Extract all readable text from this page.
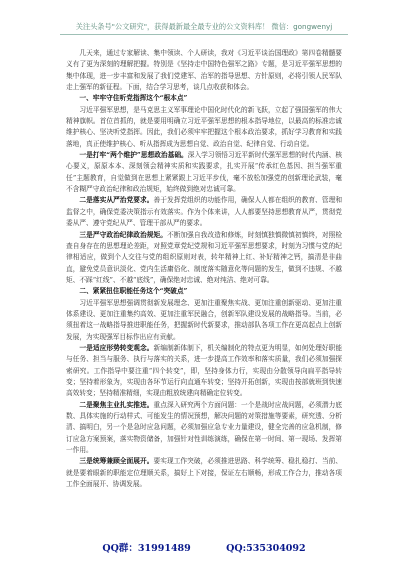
关注头条号"公文研究"，获得最新最全最专业的公文资料库！ 微信：gongwenyj

几天来，通过专家解读、集中领读、个人研读，我对《习近平谈治国理政》第四卷精髓要义有了更为深刻的理解把握。特别是《坚持走中国特色强军之路》专题，是习近平强军思想的集中体现，进一步丰富和发展了我们党建军、治军的指导思想、方针原则，必将引领人民军队走上强军的新征程。下面，结合学习思考，谈几点收获和体会。

一、牢牢守住听党指挥这个“根本点”

习近平强军思想，是马克思主义军事理论中国化时代化的新飞跃，立起了强国强军的伟大精神旗帜。首位首抓的，就是要用明确立习近平强军思想的根本指导地位，以最高的标准忠诚维护核心、坚决听党指挥。因此，我们必须牢牢把握这个根本政治要求，抓好学习教育和实践落地，真正使维护核心、听从指挥成为思想自觉、政治自觉、纪律自觉、行动自觉。

一是打牢“两个维护”思想政治基础。深入学习领悟习近平新时代强军思想的时代内涵、核心要义，原原本本、深刻领会精神实质和实践要求，扎实开展“传承红色基因、担当强军重任”主题教育，自觉做到在思想上紧紧跟上习近平步伐，毫不放松加强党的创新理论武装，毫不含糊严守政治纪律和政治规矩，始终做到绝对忠诚可靠。

二是落实从严治党要求。善于发挥党组织的功能作用，确保人人都在组织的教育、管理和监督之中，确保党委决策指示有效落实。作为个体来讲，人人都要坚持思想教育从严，贯彻党委从严、遵守党纪从严、管理干部从严的要求。

三是严守政治纪律政治规矩。不断加强自我改造和修炼，时刻慎独慎微慎初慎终，对照检查自身存在的思想理论差距，对照党章党纪党规和习近平强军思想要求，时刻为习惯与党的纪律相适应，做到个人交往与党的组织原则对表，转年精神上红、补好精神之钙，搞清是非曲直，避免党员意识淡化、党内生活庸俗化、制度落实随意化等问题的发生，做到不违规、不越矩、不踩“红线”、不越“底线”，确保绝对忠诚、绝对纯洁、绝对可靠。

二、紧紧扭住职能任务这个“突破点”

习近平强军思想强调贯彻新发展理念、更加注重聚焦实战、更加注重创新驱动、更加注重体系建设、更加注重集约高效、更加注重军民融合，创新军队建设发展的战略指导。当前，必须扭着这一战略指导推进职能任务，把握新时代新要求，推动部队各项工作在更高起点上创新发展，为实现强军目标作出应有贡献。

一是适应形势转变观念。新编制新体制下，机关编制化的特点更为明显，如何处理好职能与任务、担当与服务、执行与落实的关系，进一步提高工作效率和落实质量，我们必须加强探索研究。工作指导中要注重“四个转变”，即，坚持身体力行，实现由分散领导向扁平指导转变；坚持着形象为，实现由各环节运行向直通车转变；坚持开拓创新，实现由按部就班到快速高效转变；坚持精准精细，实现由粗放统建向精确定位转变。

二是聚焦主业扎实推进。重点深入研究两个方面问题：一个是战时应战问题，必须潜力底数、具体实施的行动样式、可能发生的情况预想，解决问题的对策措施等要素，研究透、分析清、搞明白，另一个是急时应急问题，必须加强应急专业力量建设，健全完善的应急机制，修订应急方案预案，落实物资储备，加强针对性训练演练，确保在第一时间、第一现场、发挥第一作用。

三是统筹兼顾全面展开。要实现工作突破，必须推进思路、科学统筹、稳扎稳打、当前、就是要着眼新的职能定位理顺关系，搞好上下对接，保证左右顺畅，形成工作合力，推动各项工作全面展开、协调发展。

QQ群：31991489	QQ:535304092
